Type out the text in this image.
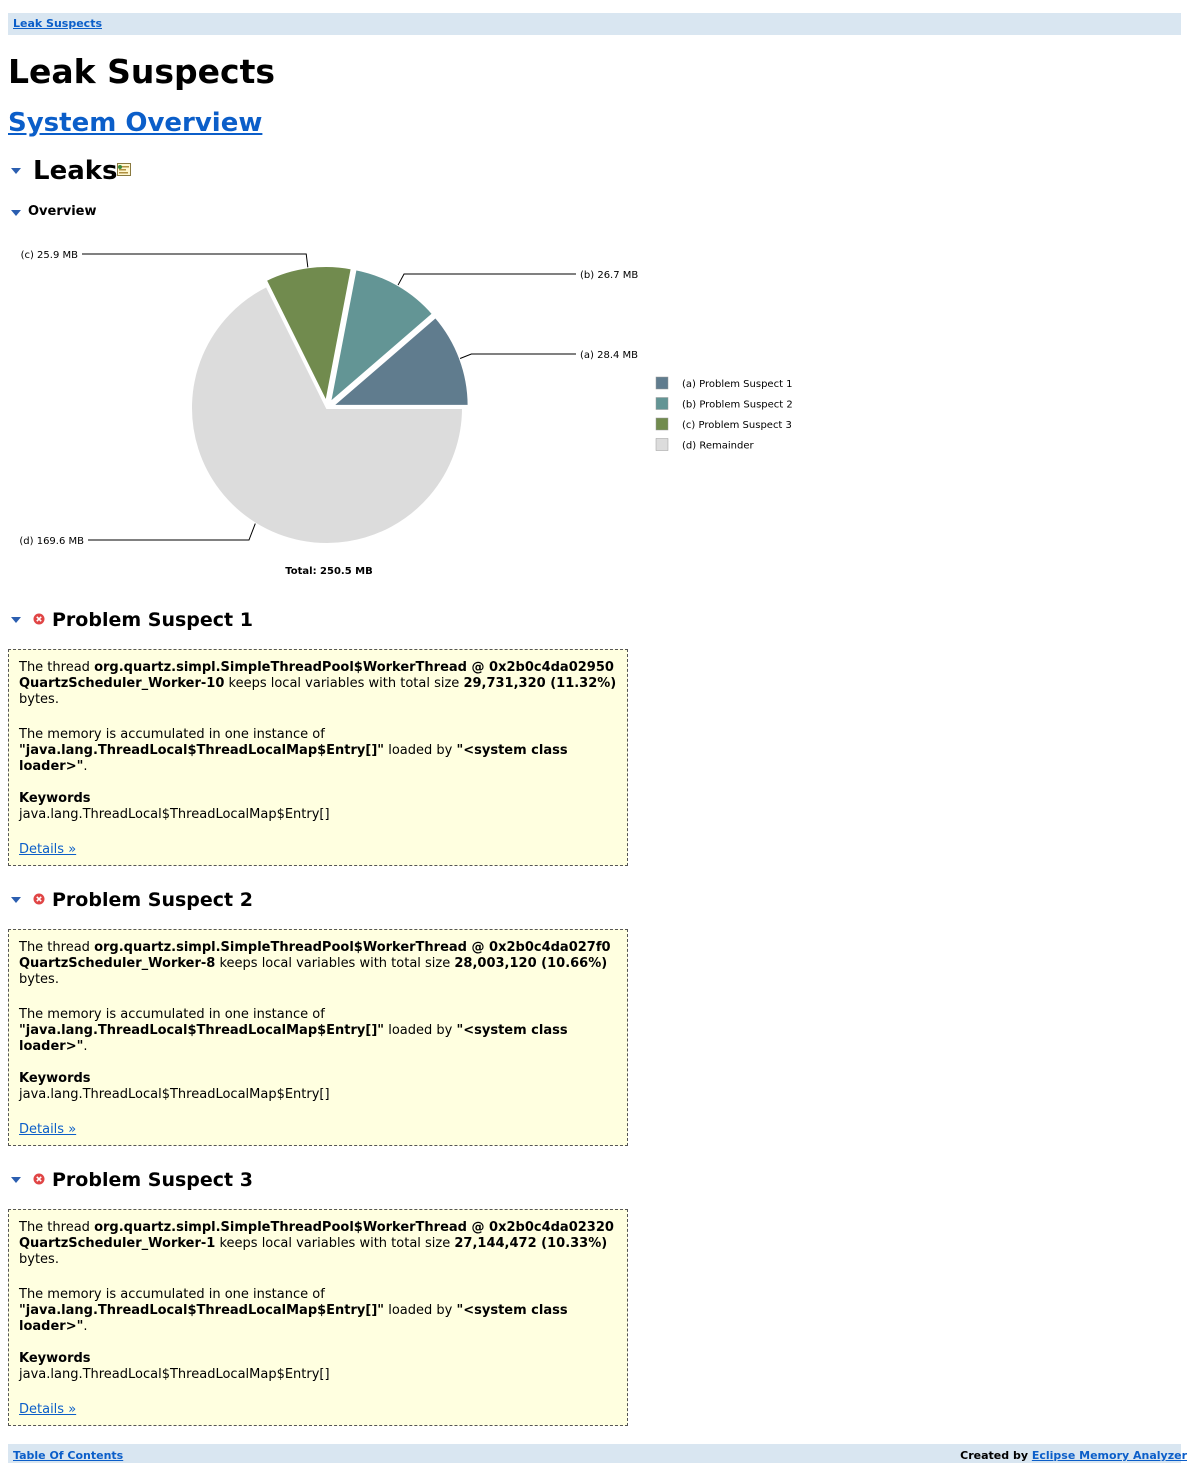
Leak Suspects
Leak Suspects
System Overview
Leaks
Overview
(a) 28.4 MB
(b) 26.7 MB
(c) 25.9 MB
(d) 169.6 MB
(a) Problem Suspect 1
(b) Problem Suspect 2
(c) Problem Suspect 3
(d) Remainder
Total: 250.5 MB
Problem Suspect 1

The thread org.quartz.simpl.SimpleThreadPool$WorkerThread @ 0x2b0c4da02950 QuartzScheduler_Worker-10 keeps local variables with total size 29,731,320 (11.32%) bytes.

The memory is accumulated in one instance of "java.lang.ThreadLocal$ThreadLocalMap$Entry[]" loaded by "<system class loader>".

Keywords

java.lang.ThreadLocal$ThreadLocalMap$Entry[]

Details »

Problem Suspect 2

The thread org.quartz.simpl.SimpleThreadPool$WorkerThread @ 0x2b0c4da027f0 QuartzScheduler_Worker-8 keeps local variables with total size 28,003,120 (10.66%) bytes.

The memory is accumulated in one instance of "java.lang.ThreadLocal$ThreadLocalMap$Entry[]" loaded by "<system class loader>".

Keywords

java.lang.ThreadLocal$ThreadLocalMap$Entry[]

Details »

Problem Suspect 3

The thread org.quartz.simpl.SimpleThreadPool$WorkerThread @ 0x2b0c4da02320 QuartzScheduler_Worker-1 keeps local variables with total size 27,144,472 (10.33%) bytes.

The memory is accumulated in one instance of "java.lang.ThreadLocal$ThreadLocalMap$Entry[]" loaded by "<system class loader>".

Keywords

java.lang.ThreadLocal$ThreadLocalMap$Entry[]

Details »

Table Of Contents	Created by Eclipse Memory Analyzer
